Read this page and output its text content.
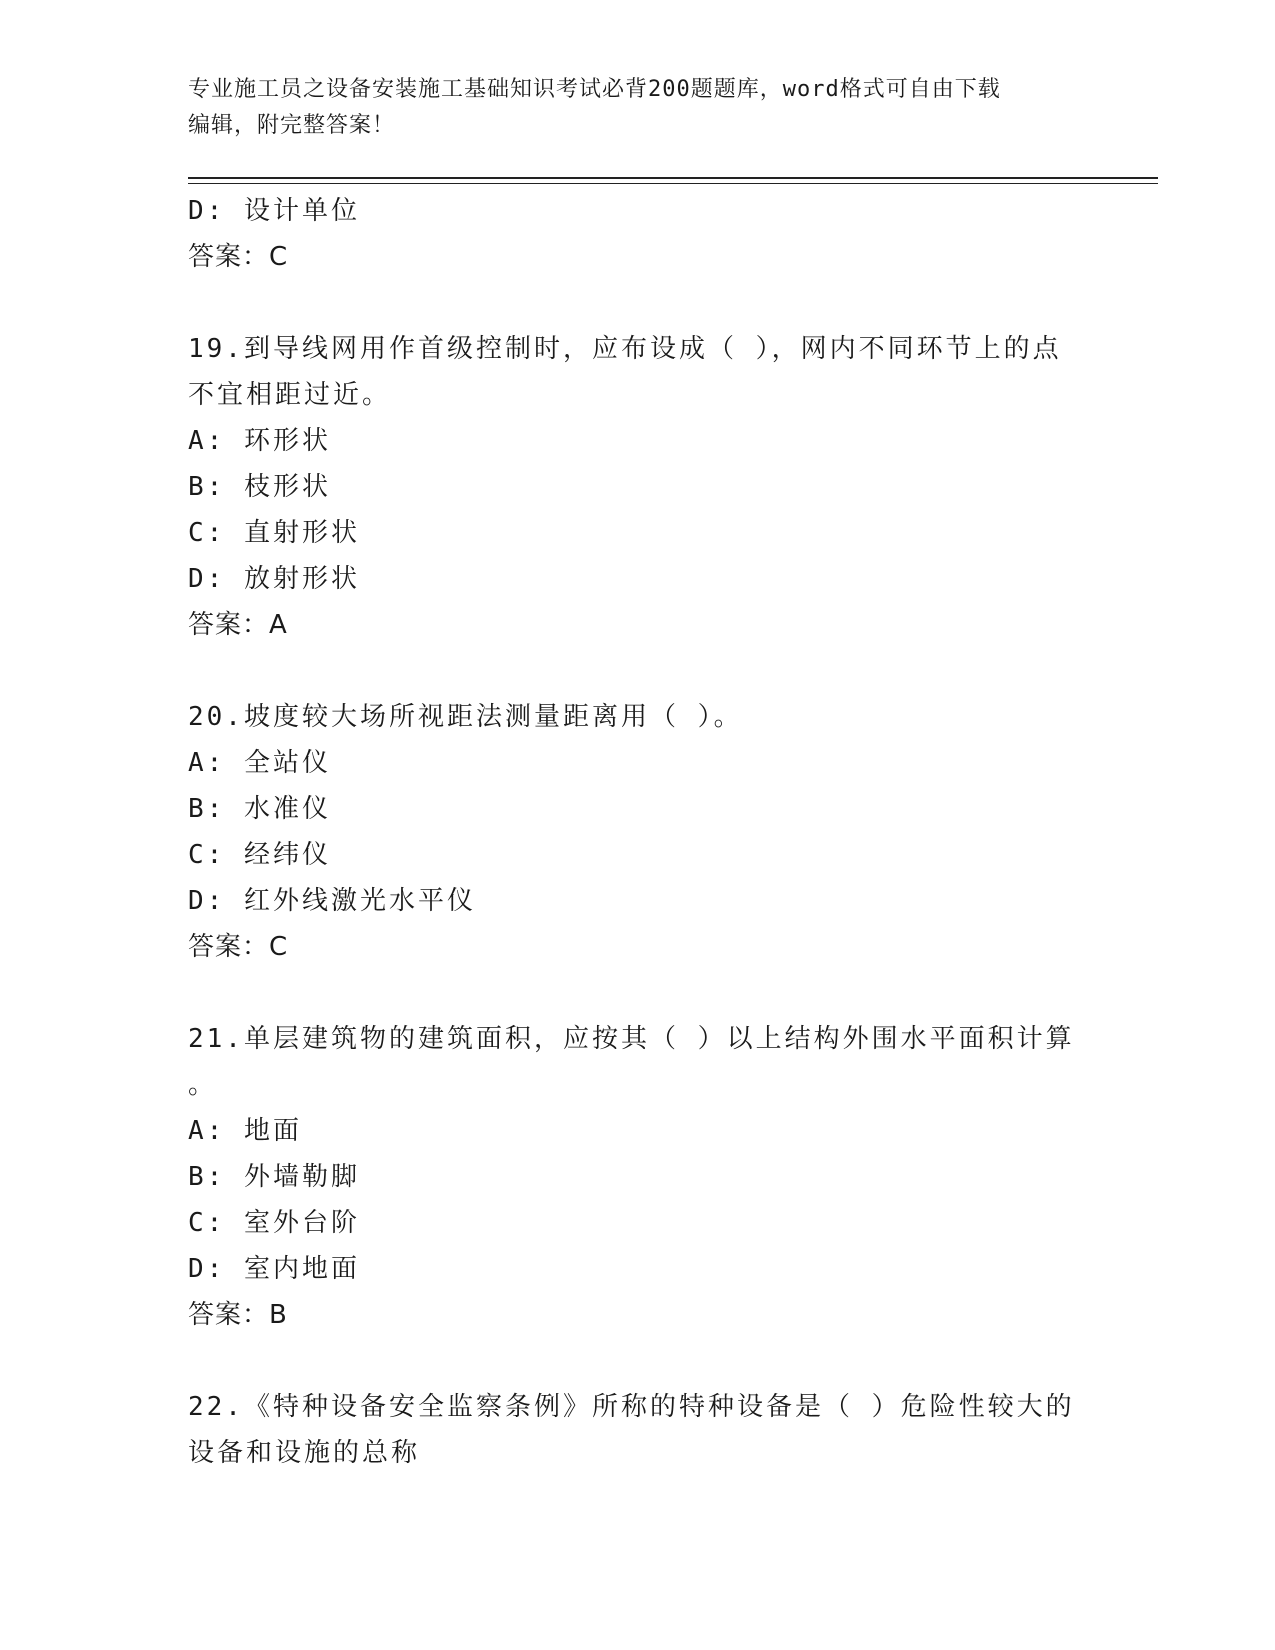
专业施工员之设备安装施工基础知识考试必背200题题库，word格式可自由下载
编辑，附完整答案！
D: 设计单位
答案：C
19.到导线网用作首级控制时，应布设成（ ），网内不同环节上的点
不宜相距过近。
A: 环形状
B: 枝形状
C: 直射形状
D: 放射形状
答案：A
20.坡度较大场所视距法测量距离用（ ）。
A: 全站仪
B: 水准仪
C: 经纬仪
D: 红外线激光水平仪
答案：C
21.单层建筑物的建筑面积，应按其（ ）以上结构外围水平面积计算
。
A: 地面
B: 外墙勒脚
C: 室外台阶
D: 室内地面
答案：B
22.《特种设备安全监察条例》所称的特种设备是（ ）危险性较大的
设备和设施的总称
